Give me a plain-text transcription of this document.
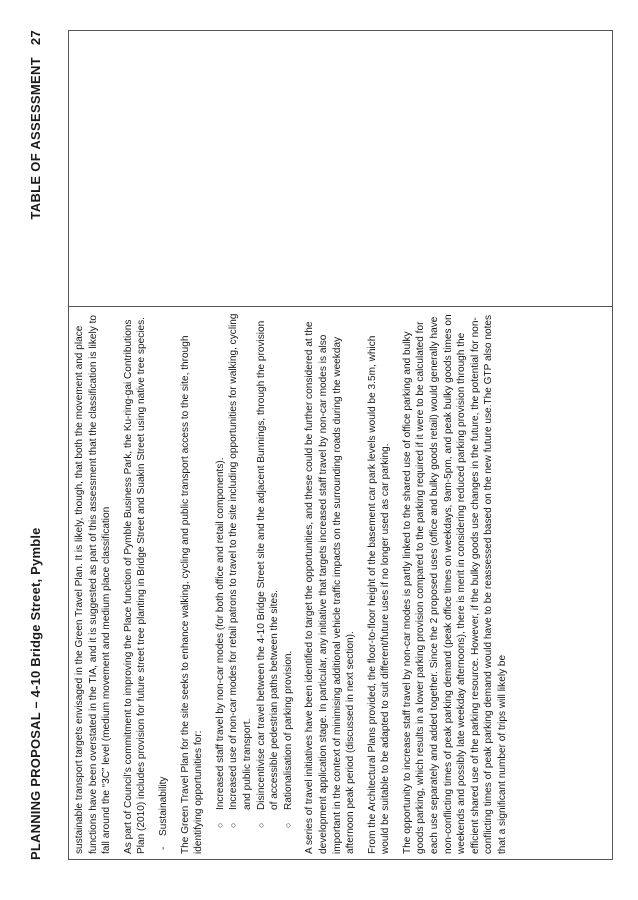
PLANNING PROPOSAL – 4-10 Bridge Street, Pymble
TABLE OF ASSESSMENT27

sustainable transport targets envisaged in the Green Travel Plan. It is likely, though, that both the movement and place functions have been overstated in the TIA, and it is suggested as part of this assessment that the classification is likely to fall around the “3C” level (medium movement and medium place classification As part of Council’s commitment to improving the Place function of Pymble Business Park, the Ku-ring-gai Contributions Plan (2010) includes provision for future street tree planting in Bridge Street and Suakin Street using native tree species. -Sustainability The Green Travel Plan for the site seeks to enhance walking, cycling and public transport access to the site, through identifying opportunities for: ○
Increased staff travel by non-car modes (for both office and retail components).
○
Increased use of non-car modes for retail patrons to travel to the site including opportunities for walking, cycling and public transport.
○
Disincentivise car travel between the 4-10 Bridge Street site and the adjacent Bunnings, through the provision of accessible pedestrian paths between the sites.
○
Rationalisation of parking provision. A series of travel initiatives have been identified to target the opportunities, and these could be further considered at the development application stage. In particular, any initiative that targets increased staff travel by non-car modes is also important in the context of minimising additional vehicle traffic impacts on the surrounding roads during the weekday afternoon peak period (discussed in next section). From the Architectural Plans provided, the floor-to-floor height of the basement car park levels would be 3.5m, which would be suitable to be adapted to suit different/future uses if no longer used as car parking. The opportunity to increase staff travel by non-car modes is partly linked to the shared use of office parking and bulky goods parking, which results in a lower parking provision compared to the parking required if it were to be calculated for each use separately and added together. Since the 2 proposed uses (office and bulky goods retail) would generally have non-conflicting times of peak parking demand (peak office times on weekdays, 9am-5pm, and peak bulky goods times on weekends and possibly late weekday afternoons), there is merit in considering reduced parking provision through the efficient shared use of the parking resource. However, if the bulky goods use changes in the future, the potential for non-conflicting times of peak parking demand would have to be reassessed based on the new future use.The GTP also notes that a significant number of trips will likely be
